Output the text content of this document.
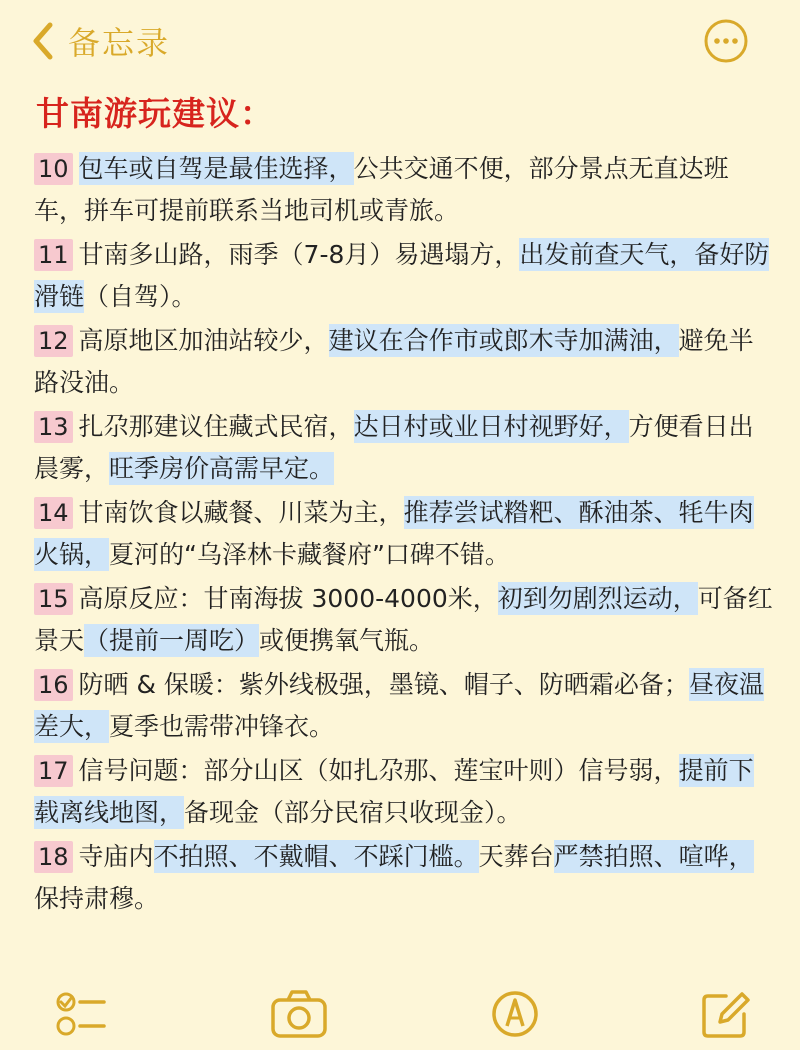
备忘录
甘南游玩建议：
10 包车或自驾是最佳选择，公共交通不便，部分景点无直达班车，拼车可提前联系当地司机或青旅。
11 甘南多山路，雨季（7-8月）易遇塌方，出发前查天气，备好防滑链（自驾）。
12 高原地区加油站较少，建议在合作市或郎木寺加满油，避免半路没油。
13 扎尕那建议住藏式民宿，达日村或业日村视野好，方便看日出晨雾，旺季房价高需早定。
14 甘南饮食以藏餐、川菜为主，推荐尝试糌粑、酥油茶、牦牛肉火锅，夏河的“乌泽林卡藏餐府”口碑不错。
15 高原反应：甘南海拔 3000-4000米，初到勿剧烈运动，可备红景天（提前一周吃）或便携氧气瓶。
16 防晒 & 保暖：紫外线极强，墨镜、帽子、防晒霜必备；昼夜温差大，夏季也需带冲锋衣。
17 信号问题：部分山区（如扎尕那、莲宝叶则）信号弱，提前下载离线地图，备现金（部分民宿只收现金）。
18 寺庙内不拍照、不戴帽、不踩门槛。天葬台严禁拍照、喧哗，保持肃穆。
